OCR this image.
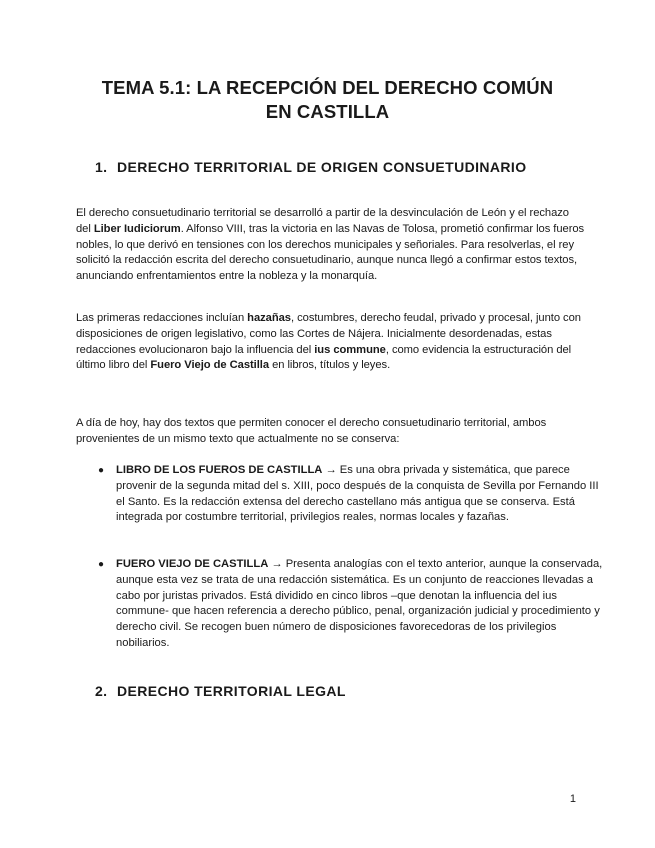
TEMA 5.1: LA RECEPCIÓN DEL DERECHO COMÚN
EN CASTILLA
1. DERECHO TERRITORIAL DE ORIGEN CONSUETUDINARIO

El derecho consuetudinario territorial se desarrolló a partir de la desvinculación de León y el rechazo del Liber Iudiciorum. Alfonso VIII, tras la victoria en las Navas de Tolosa, prometió confirmar los fueros nobles, lo que derivó en tensiones con los derechos municipales y señoriales. Para resolverlas, el rey solicitó la redacción escrita del derecho consuetudinario, aunque nunca llegó a confirmar estos textos, anunciando enfrentamientos entre la nobleza y la monarquía.

Las primeras redacciones incluían hazañas, costumbres, derecho feudal, privado y procesal, junto con disposiciones de origen legislativo, como las Cortes de Nájera. Inicialmente desordenadas, estas redacciones evolucionaron bajo la influencia del ius commune, como evidencia la estructuración del último libro del Fuero Viejo de Castilla en libros, títulos y leyes.

A día de hoy, hay dos textos que permiten conocer el derecho consuetudinario territorial, ambos provenientes de un mismo texto que actualmente no se conserva:

● LIBRO DE LOS FUEROS DE CASTILLA → Es una obra privada y sistemática, que parece provenir de la segunda mitad del s. XIII, poco después de la conquista de Sevilla por Fernando III el Santo. Es la redacción extensa del derecho castellano más antigua que se conserva. Está integrada por costumbre territorial, privilegios reales, normas locales y fazañas.
● FUERO VIEJO DE CASTILLA → Presenta analogías con el texto anterior, aunque la conservada, aunque esta vez se trata de una redacción sistemática. Es un conjunto de reacciones llevadas a cabo por juristas privados. Está dividido en cinco libros –que denotan la influencia del ius commune- que hacen referencia a derecho público, penal, organización judicial y procedimiento y derecho civil. Se recogen buen número de disposiciones favorecedoras de los privilegios nobiliarios.
2. DERECHO TERRITORIAL LEGAL
1
